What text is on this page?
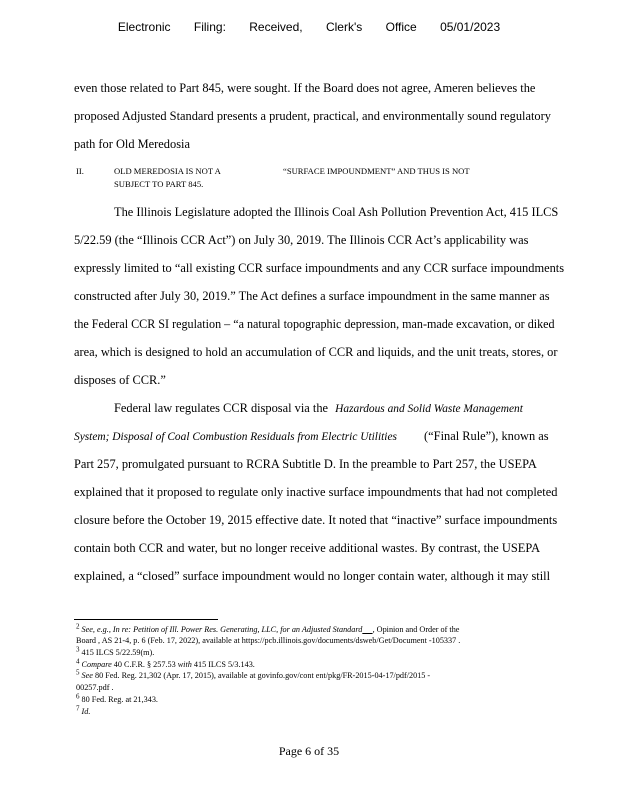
Electronic Filing: Received, Clerk's Office 05/01/2023
even those related to Part 845, were sought. If the Board does not agree, Ameren believes the
proposed Adjusted Standard presents a prudent, practical, and environmentally sound regulatory
path for Old Meredosia
II.	OLD MEREDOSIA IS NOT A	“SURFACE IMPOUNDMENT” AND THUS IS NOT
SUBJECT TO PART 845.
The Illinois Legislature adopted the Illinois Coal Ash Pollution Prevention Act, 415 ILCS
5/22.59 (the “Illinois CCR Act”) on July 30, 2019. The Illinois CCR Act’s applicability was
expressly limited to “all existing CCR surface impoundments and any CCR surface impoundments
constructed after July 30, 2019.” The Act defines a surface impoundment in the same manner as
the Federal CCR SI regulation – “a natural topographic depression, man-made excavation, or diked
area, which is designed to hold an accumulation of CCR and liquids, and the unit treats, stores, or
disposes of CCR.”
Federal law regulates CCR disposal via the Hazardous and Solid Waste Management
System; Disposal of Coal Combustion Residuals from Electric Utilities (“Final Rule”), known as
Part 257, promulgated pursuant to RCRA Subtitle D. In the preamble to Part 257, the USEPA
explained that it proposed to regulate only inactive surface impoundments that had not completed
closure before the October 19, 2015 effective date. It noted that “inactive” surface impoundments
contain both CCR and water, but no longer receive additional wastes. By contrast, the USEPA
explained, a “closed” surface impoundment would no longer contain water, although it may still
$^2$ See, e.g., In re: Petition of Ill. Power Res. Generating, LLC, for an Adjusted Standard , Opinion and Order of the
Board , AS 21-4, p. 6 (Feb. 17, 2022), available at https://pcb.illinois.gov/documents/dsweb/Get/Document -105337 .
$^3$ 415 ILCS 5/22.59(m).
$^4$ Compare 40 C.F.R. § 257.53 with 415 ILCS 5/3.143.
$^5$ See 80 Fed. Reg. 21,302 (Apr. 17, 2015), available at govinfo.gov/cont ent/pkg/FR-2015-04-17/pdf/2015 -
00257.pdf .
$^6$ 80 Fed. Reg. at 21,343.
$^7$ Id.
Page 6 of 35
